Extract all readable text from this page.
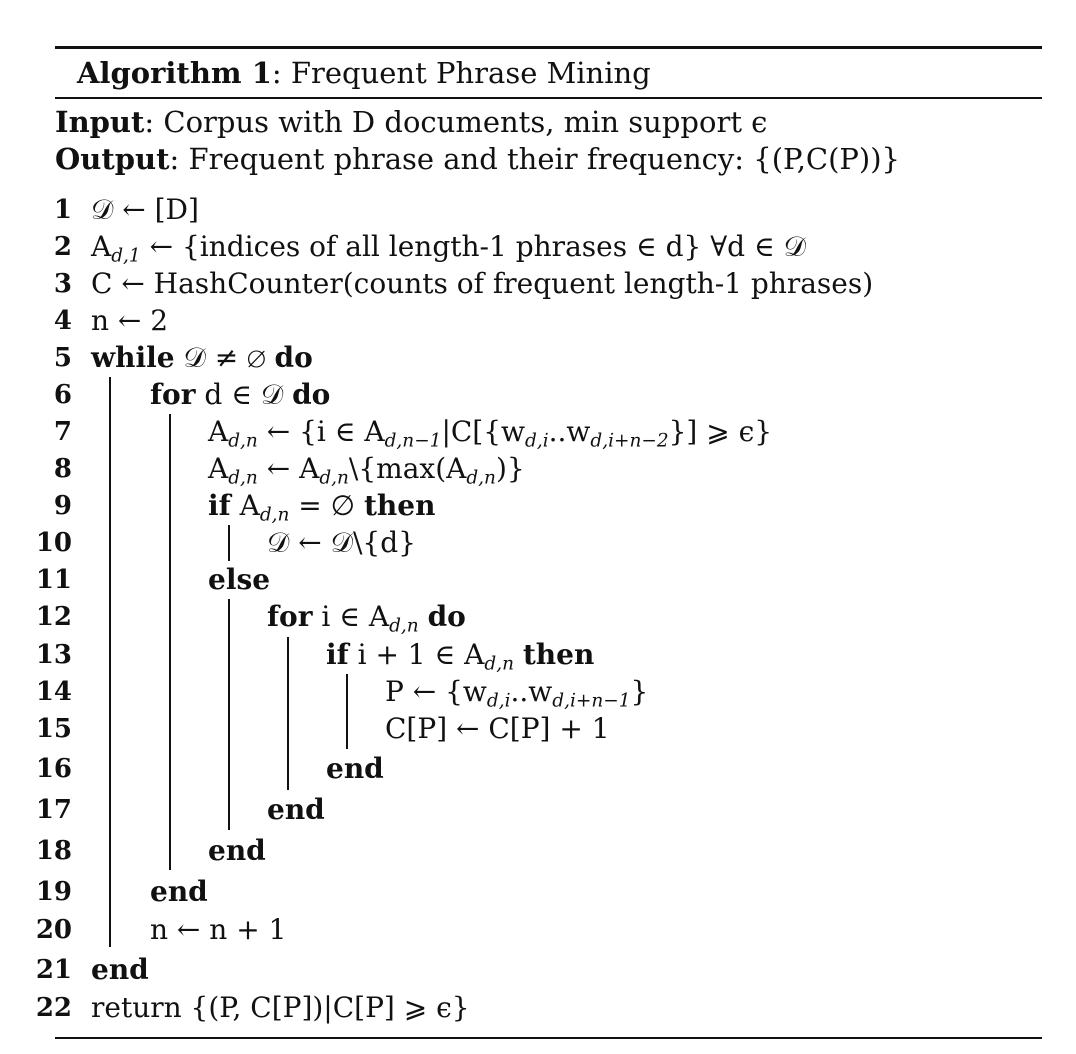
Algorithm 1: Frequent Phrase Mining
Input: Corpus with D documents, min support ϵ
Output: Frequent phrase and their frequency: {(P,C(P))}
1
2
3
4
5
6
7
8
9
10
11
12
13
14
15
16
17
18
19
20
21
22
𝒟 ← [D]
$A_{d,1}$ ← {indices of all length-1 phrases ∈ d} ∀d ∈ 𝒟
C ← HashCounter(counts of frequent length-1 phrases)
n ← 2
while 𝒟 ≠ ∅ do
for d ∈ 𝒟 do
$A_{d,n}$ ← {i ∈ $A_{d,n-1}|C[\{w_{d,i}..w_{d,i+n-2}\}]$ ⩾ ϵ}
$A_{d,n}$ ← $A_{d,n}\backslash\{\max(A_{d,n})\}$
if $A_{d,n}$ = ∅ then
𝒟 ← 𝒟\{d}
else
for i ∈ $A_{d,n}$ do
if i + 1 ∈ $A_{d,n}$ then
P ← $\{w_{d,i}..w_{d,i+n-1}\}$
C[P] ← C[P] + 1
end
end
end
end
n ← n + 1
end
return {(P, C[P])|C[P] ⩾ ϵ}
